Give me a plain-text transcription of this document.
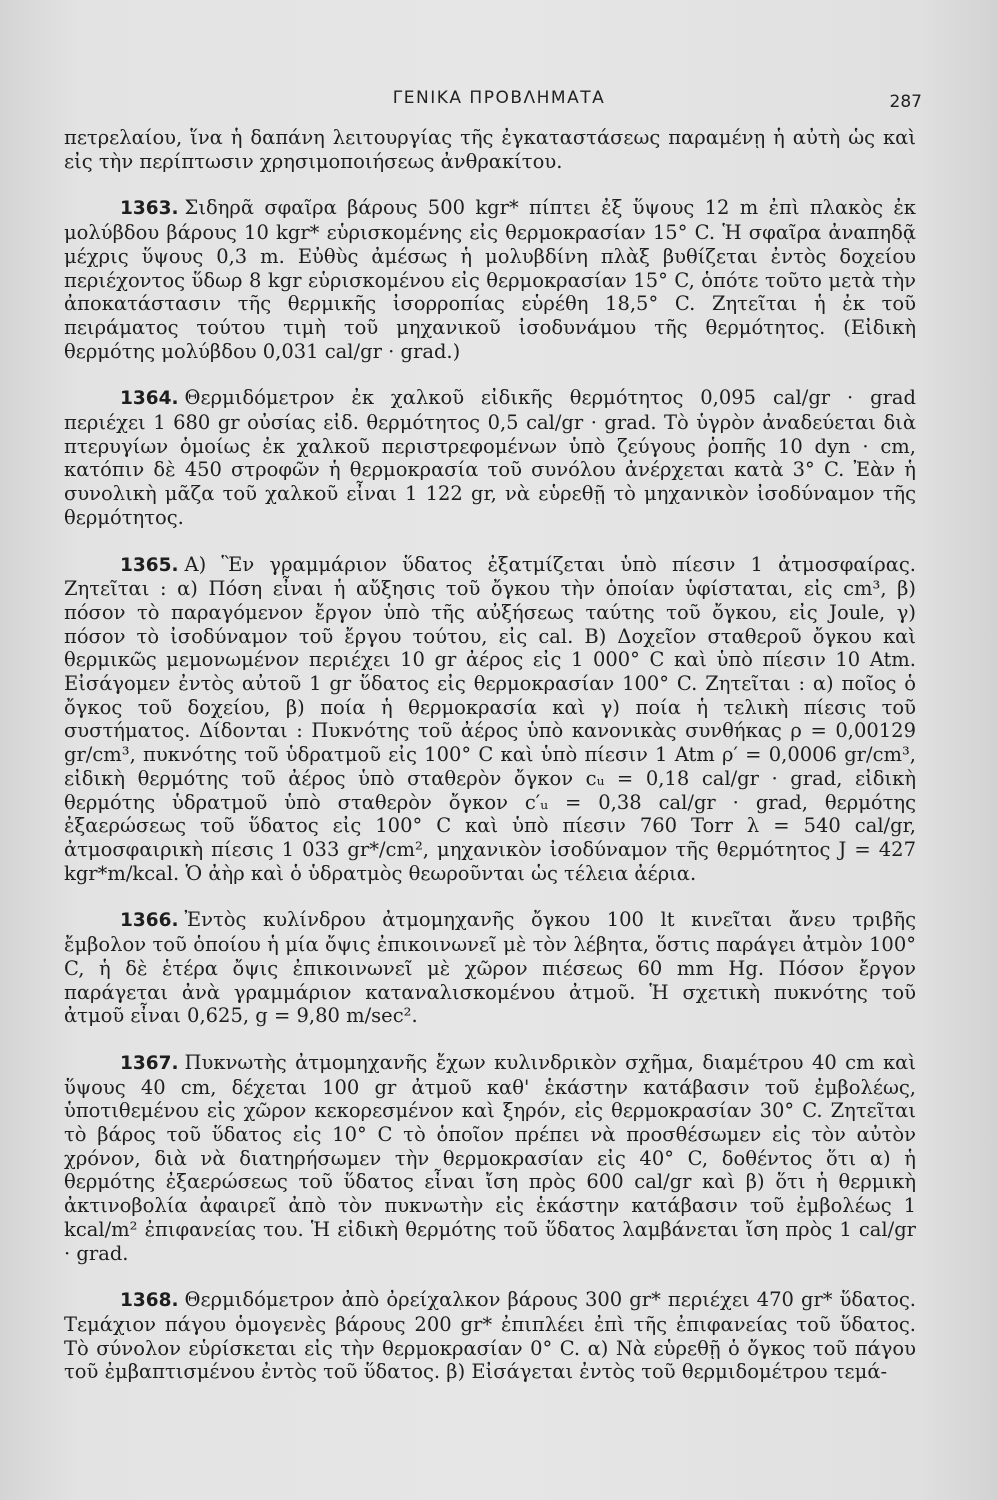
ΓΕΝΙΚΑ ΠΡΟΒΛΗΜΑΤΑ	287

πετρελαίου, ἵνα ἡ δαπάνη λειτουργίας τῆς ἐγκαταστάσεως παραμένῃ ἡ αὐτὴ ὡς καὶ εἰς τὴν περίπτωσιν χρησιμοποιήσεως ἀνθρακίτου.

1363. Σιδηρᾶ σφαῖρα βάρους 500 kgr* πίπτει ἐξ ὕψους 12 m ἐπὶ πλακὸς ἐκ μολύβδου βάρους 10 kgr* εὑρισκομένης εἰς θερμοκρασίαν 15° C. Ἡ σφαῖρα ἀναπηδᾷ μέχρις ὕψους 0,3 m. Εὐθὺς ἀμέσως ἡ μολυβδίνη πλὰξ βυθίζεται ἐντὸς δοχείου περιέχοντος ὕδωρ 8 kgr εὑρισκομένου εἰς θερμοκρασίαν 15° C, ὁπότε τοῦτο μετὰ τὴν ἀποκατάστασιν τῆς θερμικῆς ἰσορροπίας εὑρέθη 18,5° C. Ζητεῖται ἡ ἐκ τοῦ πειράματος τούτου τιμὴ τοῦ μηχανικοῦ ἰσοδυνάμου τῆς θερμότητος. (Εἰδικὴ θερμότης μολύβδου 0,031 cal/gr · grad.)

1364. Θερμιδόμετρον ἐκ χαλκοῦ εἰδικῆς θερμότητος 0,095 cal/gr · grad περιέχει 1 680 gr οὐσίας εἰδ. θερμότητος 0,5 cal/gr · grad. Τὸ ὑγρὸν ἀναδεύεται διὰ πτερυγίων ὁμοίως ἐκ χαλκοῦ περιστρεφομένων ὑπὸ ζεύγους ῥοπῆς 10 dyn · cm, κατόπιν δὲ 450 στροφῶν ἡ θερμοκρασία τοῦ συνόλου ἀνέρχεται κατὰ 3° C. Ἐὰν ἡ συνολικὴ μᾶζα τοῦ χαλκοῦ εἶναι 1 122 gr, νὰ εὑρεθῇ τὸ μηχανικὸν ἰσοδύναμον τῆς θερμότητος.

1365. A) Ἓν γραμμάριον ὕδατος ἐξατμίζεται ὑπὸ πίεσιν 1 ἀτμοσφαίρας. Ζητεῖται : α) Πόση εἶναι ἡ αὔξησις τοῦ ὄγκου τὴν ὁποίαν ὑφίσταται, εἰς cm³, β) πόσον τὸ παραγόμενον ἔργον ὑπὸ τῆς αὐξήσεως ταύτης τοῦ ὄγκου, εἰς Joule, γ) πόσον τὸ ἰσοδύναμον τοῦ ἔργου τούτου, εἰς cal. B) Δοχεῖον σταθεροῦ ὄγκου καὶ θερμικῶς μεμονωμένον περιέχει 10 gr ἀέρος εἰς 1 000° C καὶ ὑπὸ πίεσιν 10 Atm. Εἰσάγομεν ἐντὸς αὐτοῦ 1 gr ὕδατος εἰς θερμοκρασίαν 100° C. Ζητεῖται : α) ποῖος ὁ ὄγκος τοῦ δοχείου, β) ποία ἡ θερμοκρασία καὶ γ) ποία ἡ τελικὴ πίεσις τοῦ συστήματος. Δίδονται : Πυκνότης τοῦ ἀέρος ὑπὸ κανονικὰς συνθήκας ρ = 0,00129 gr/cm³, πυκνότης τοῦ ὑδρατμοῦ εἰς 100° C καὶ ὑπὸ πίεσιν 1 Atm ρ′ = 0,0006 gr/cm³, εἰδικὴ θερμότης τοῦ ἀέρος ὑπὸ σταθερὸν ὄγκον cᵤ = 0,18 cal/gr · grad, εἰδικὴ θερμότης ὑδρατμοῦ ὑπὸ σταθερὸν ὄγκον c′ᵤ = 0,38 cal/gr · grad, θερμότης ἐξαερώσεως τοῦ ὕδατος εἰς 100° C καὶ ὑπὸ πίεσιν 760 Torr λ = 540 cal/gr, ἀτμοσφαιρικὴ πίεσις 1 033 gr*/cm², μηχανικὸν ἰσοδύναμον τῆς θερμότητος J = 427 kgr*m/kcal. Ὁ ἀὴρ καὶ ὁ ὑδρατμὸς θεωροῦνται ὡς τέλεια ἀέρια.

1366. Ἐντὸς κυλίνδρου ἀτμομηχανῆς ὄγκου 100 lt κινεῖται ἄνευ τριβῆς ἔμβολον τοῦ ὁποίου ἡ μία ὄψις ἐπικοινωνεῖ μὲ τὸν λέβητα, ὅστις παράγει ἀτμὸν 100° C, ἡ δὲ ἑτέρα ὄψις ἐπικοινωνεῖ μὲ χῶρον πιέσεως 60 mm Hg. Πόσον ἔργον παράγεται ἀνὰ γραμμάριον καταναλισκομένου ἀτμοῦ. Ἡ σχετικὴ πυκνότης τοῦ ἀτμοῦ εἶναι 0,625, g = 9,80 m/sec².

1367. Πυκνωτὴς ἀτμομηχανῆς ἔχων κυλινδρικὸν σχῆμα, διαμέτρου 40 cm καὶ ὕψους 40 cm, δέχεται 100 gr ἀτμοῦ καθ' ἑκάστην κατάβασιν τοῦ ἐμβολέως, ὑποτιθεμένου εἰς χῶρον κεκορεσμένον καὶ ξηρόν, εἰς θερμοκρασίαν 30° C. Ζητεῖται τὸ βάρος τοῦ ὕδατος εἰς 10° C τὸ ὁποῖον πρέπει νὰ προσθέσωμεν εἰς τὸν αὐτὸν χρόνον, διὰ νὰ διατηρήσωμεν τὴν θερμοκρασίαν εἰς 40° C, δοθέντος ὅτι α) ἡ θερμότης ἐξαερώσεως τοῦ ὕδατος εἶναι ἴση πρὸς 600 cal/gr καὶ β) ὅτι ἡ θερμικὴ ἀκτινοβολία ἀφαιρεῖ ἀπὸ τὸν πυκνωτὴν εἰς ἑκάστην κατάβασιν τοῦ ἐμβολέως 1 kcal/m² ἐπιφανείας του. Ἡ εἰδικὴ θερμότης τοῦ ὕδατος λαμβάνεται ἴση πρὸς 1 cal/gr · grad.

1368. Θερμιδόμετρον ἀπὸ ὀρείχαλκον βάρους 300 gr* περιέχει 470 gr* ὕδατος. Τεμάχιον πάγου ὁμογενὲς βάρους 200 gr* ἐπιπλέει ἐπὶ τῆς ἐπιφανείας τοῦ ὕδατος. Τὸ σύνολον εὑρίσκεται εἰς τὴν θερμοκρασίαν 0° C. α) Νὰ εὑρεθῇ ὁ ὄγκος τοῦ πάγου τοῦ ἐμβαπτισμένου ἐντὸς τοῦ ὕδατος. β) Εἰσάγεται ἐντὸς τοῦ θερμιδομέτρου τεμά-
